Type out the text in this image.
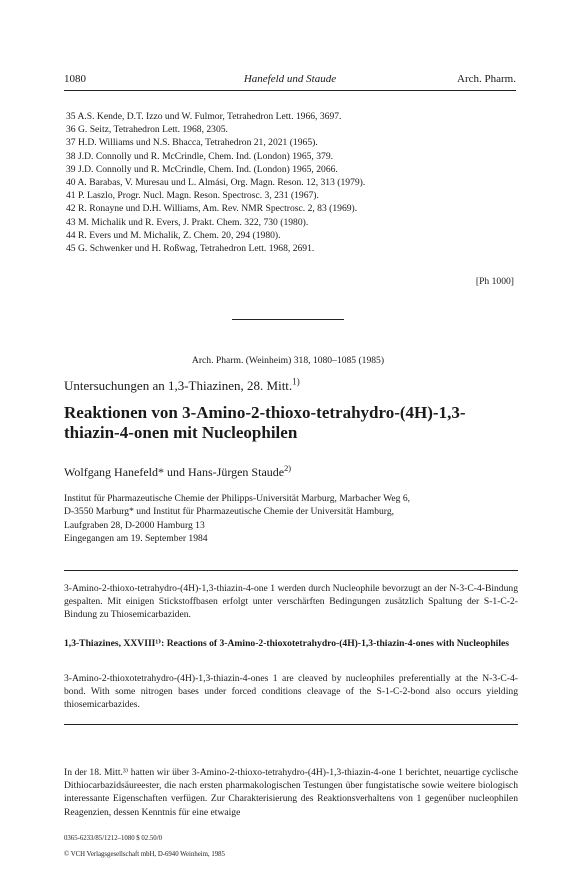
1080	Hanefeld und Staude	Arch. Pharm.
35 A.S. Kende, D.T. Izzo und W. Fulmor, Tetrahedron Lett. 1966, 3697.
36 G. Seitz, Tetrahedron Lett. 1968, 2305.
37 H.D. Williams und N.S. Bhacca, Tetrahedron 21, 2021 (1965).
38 J.D. Connolly und R. McCrindle, Chem. Ind. (London) 1965, 379.
39 J.D. Connolly und R. McCrindle, Chem. Ind. (London) 1965, 2066.
40 A. Barabas, V. Muresau und L. Almási, Org. Magn. Reson. 12, 313 (1979).
41 P. Laszlo, Progr. Nucl. Magn. Reson. Spectrosc. 3, 231 (1967).
42 R. Ronayne und D.H. Williams, Am. Rev. NMR Spectrosc. 2, 83 (1969).
43 M. Michalik und R. Evers, J. Prakt. Chem. 322, 730 (1980).
44 R. Evers und M. Michalik, Z. Chem. 20, 294 (1980).
45 G. Schwenker und H. Roßwag, Tetrahedron Lett. 1968, 2691.
[Ph 1000]
Arch. Pharm. (Weinheim) 318, 1080–1085 (1985)
Untersuchungen an 1,3-Thiazinen, 28. Mitt.$^{1)}$
Reaktionen von 3-Amino-2-thioxo-tetrahydro-(4H)-1,3-thiazin-4-onen mit Nucleophilen
Wolfgang Hanefeld* und Hans-Jürgen Staude$^{2)}$
Institut für Pharmazeutische Chemie der Philipps-Universität Marburg, Marbacher Weg 6,
D-3550 Marburg* und Institut für Pharmazeutische Chemie der Universität Hamburg,
Laufgraben 28, D-2000 Hamburg 13
Eingegangen am 19. September 1984
3-Amino-2-thioxo-tetrahydro-(4H)-1,3-thiazin-4-one 1 werden durch Nucleophile bevorzugt an der N-3-C-4-Bindung gespalten. Mit einigen Stickstoffbasen erfolgt unter verschärften Bedingungen zusätzlich Spaltung der S-1-C-2-Bindung zu Thiosemicarbaziden.
1,3-Thiazines, XXVIII¹⁾: Reactions of 3-Amino-2-thioxotetrahydro-(4H)-1,3-thiazin-4-ones with Nucleophiles
3-Amino-2-thioxotetrahydro-(4H)-1,3-thiazin-4-ones 1 are cleaved by nucleophiles preferentially at the N-3-C-4-bond. With some nitrogen bases under forced conditions cleavage of the S-1-C-2-bond also occurs yielding thiosemicarbazides.
In der 18. Mitt.³⁾ hatten wir über 3-Amino-2-thioxo-tetrahydro-(4H)-1,3-thiazin-4-one 1 berichtet, neuartige cyclische Dithiocarbazidsäureester, die nach ersten pharmakologischen Testungen über fungistatische sowie weitere biologisch interessante Eigenschaften verfügen. Zur Charakterisierung des Reaktionsverhaltens von 1 gegenüber nucleophilen Reagenzien, dessen Kenntnis für eine etwaige
0365-6233/85/1212–1080 $ 02.50/0
© VCH Verlagsgesellschaft mbH, D-6940 Weinheim, 1985
